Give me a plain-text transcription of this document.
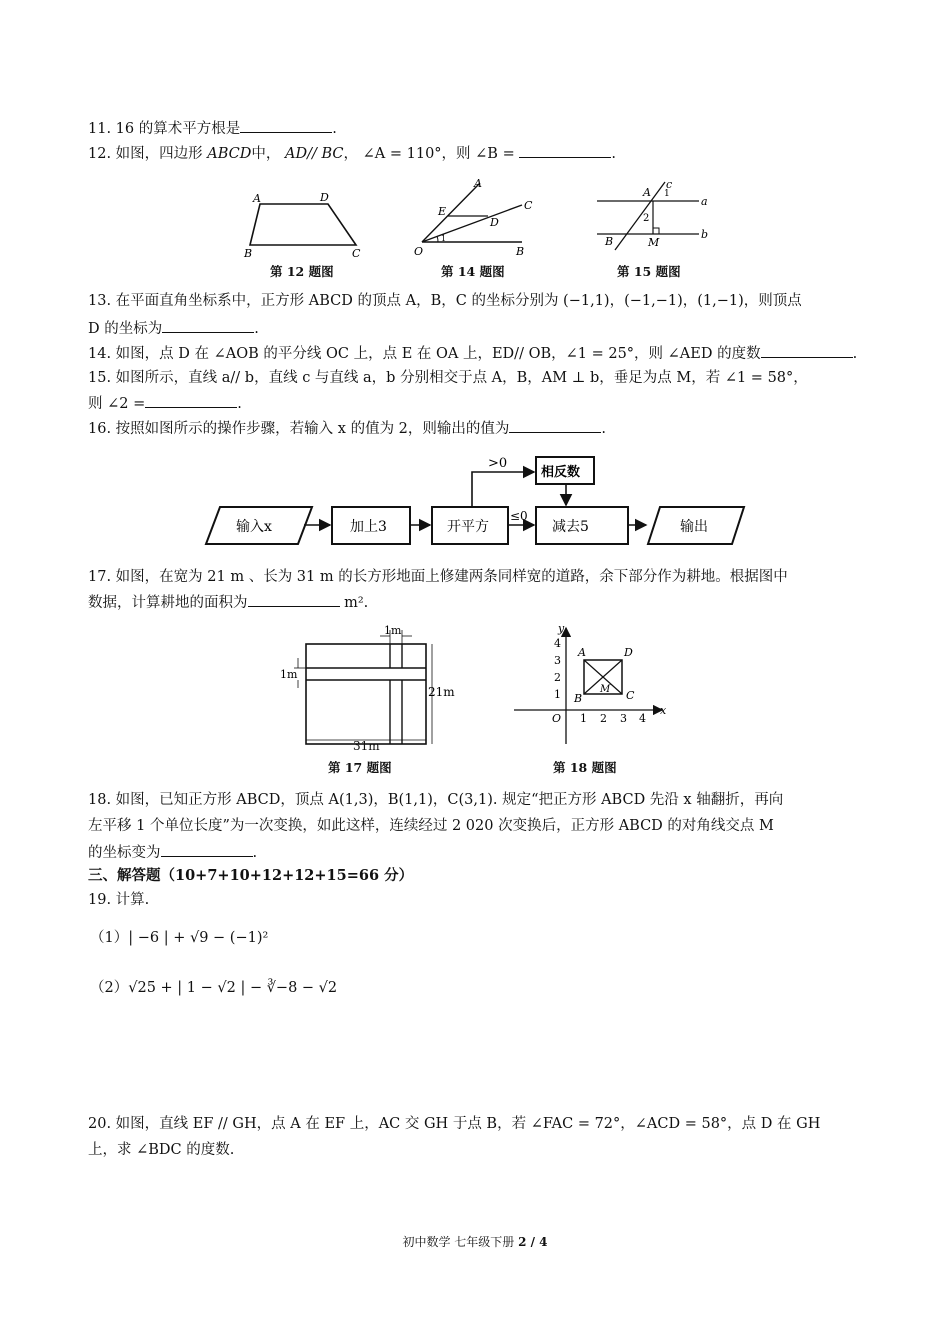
11. 16 的算术平方根是	.
12. 如图，四边形 ABCD中， AD// BC， ∠A = 110°，则 ∠B =	.
A	D
B	C
第 12 题图
A
C
E
D
O	B
1
第 14 题图
c
A 1
2
a
B	M
b
第 15 题图
13. 在平面直角坐标系中，正方形 ABCD 的顶点 A，B，C 的坐标分别为 (−1,1)，(−1,−1)，(1,−1)，则顶点
D 的坐标为	.
14. 如图，点 D 在 ∠AOB 的平分线 OC 上，点 E 在 OA 上，ED// OB，∠1 = 25°，则 ∠AED 的度数	.
15. 如图所示，直线 a// b，直线 c 与直线 a，b 分别相交于点 A，B，AM ⊥ b，垂足为点 M，若 ∠1 = 58°，
则 ∠2 =	.
16. 按照如图所示的操作步骤，若输入 x 的值为 2，则输出的值为	.
输入x	加上3	开平方
≤0
减去5	输出
>0
相反数
17. 如图，在宽为 21 m 、长为 31 m 的长方形地面上修建两条同样宽的道路，余下部分作为耕地。根据图中
数据，计算耕地的面积为	m².
1m
1m
21m
31m
第 17 题图
x
y
O 1 2 3 4
1
2
3
4
A	D
B	C
M
第 18 题图
18. 如图，已知正方形 ABCD，顶点 A(1,3)，B(1,1)，C(3,1). 规定“把正方形 ABCD 先沿 x 轴翻折，再向
左平移 1 个单位长度”为一次变换，如此这样，连续经过 2 020 次变换后，正方形 ABCD 的对角线交点 M
的坐标变为	.
三、解答题（10+7+10+12+12+15=66 分）
19. 计算.
（1）| −6 | + √9 − (−1)²
（2）√25 + | 1 − √2 | − ∛−8 − √2
20. 如图，直线 EF // GH，点 A 在 EF 上，AC 交 GH 于点 B，若 ∠FAC = 72°，∠ACD = 58°，点 D 在 GH
上，求 ∠BDC 的度数.
初中数学 七年级下册 2 / 4
